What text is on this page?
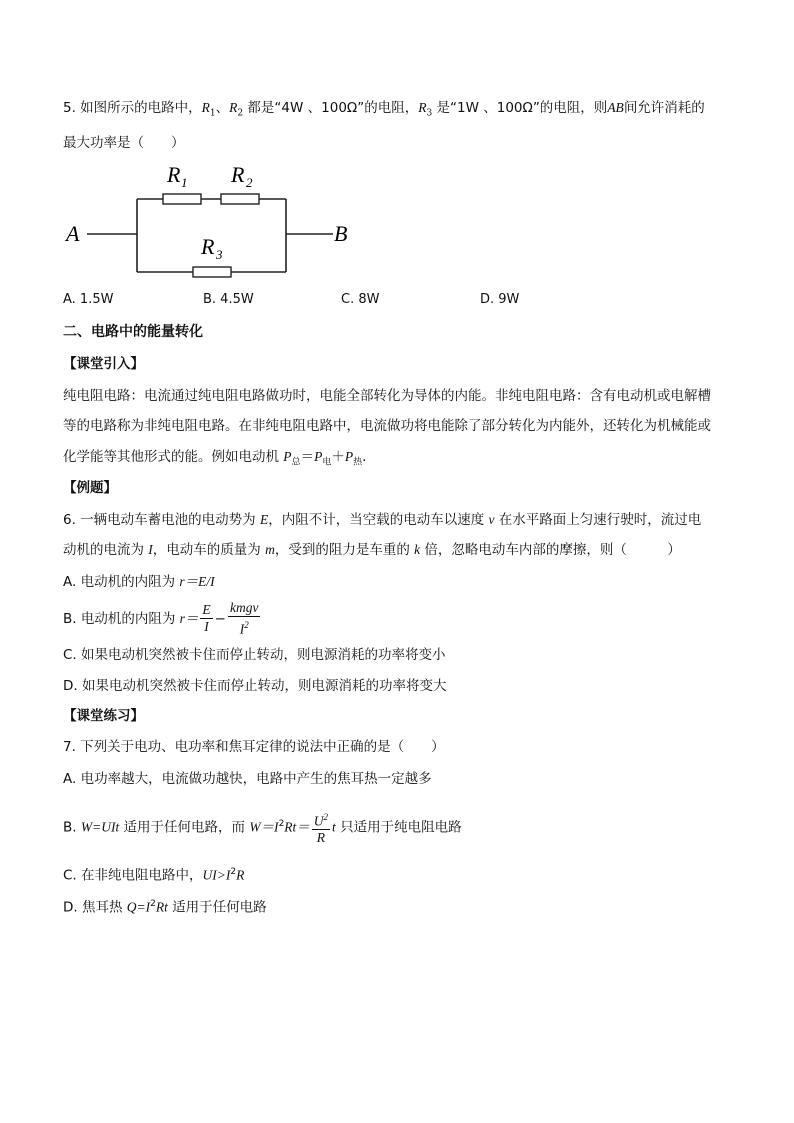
5. 如图所示的电路中，$R_1$、$R_2$ 都是“4W 、100Ω”的电阻，$R_3$ 是“1W 、100Ω”的电阻，则AB间允许消耗的
最大功率是（　　）
A	B
R 1 R 2
R 3
A. 1.5W	B. 4.5W	C. 8W	D. 9W
二、电路中的能量转化
【课堂引入】
纯电阻电路：电流通过纯电阻电路做功时，电能全部转化为导体的内能。非纯电阻电路：含有电动机或电解槽
等的电路称为非纯电阻电路。在非纯电阻电路中，电流做功将电能除了部分转化为内能外，还转化为机械能或
化学能等其他形式的能。例如电动机 $P_总=P_电+P_热$.
【例题】
6. 一辆电动车蓄电池的电动势为 E，内阻不计，当空载的电动车以速度 v 在水平路面上匀速行驶时，流过电
动机的电流为 I，电动车的质量为 m，受到的阻力是车重的 k 倍，忽略电动车内部的摩擦，则（　　　）
A. 电动机的内阻为 r＝E/I
B. 电动机的内阻为 $r= \frac{E}{I} - \frac{\text{kmgv}}{I^2}$
C. 如果电动机突然被卡住而停止转动，则电源消耗的功率将变小
D. 如果电动机突然被卡住而停止转动，则电源消耗的功率将变大
【课堂练习】
7. 下列关于电功、电功率和焦耳定律的说法中正确的是（　　）
A. 电功率越大，电流做功越快，电路中产生的焦耳热一定越多
B. W=UIt 适用于任何电路，而 $W=I^2Rt= \frac{U^2}{R}$ t 只适用于纯电阻电路
C. 在非纯电阻电路中，$UI>I^2R$
D. 焦耳热 $Q=I^2Rt$ 适用于任何电路
